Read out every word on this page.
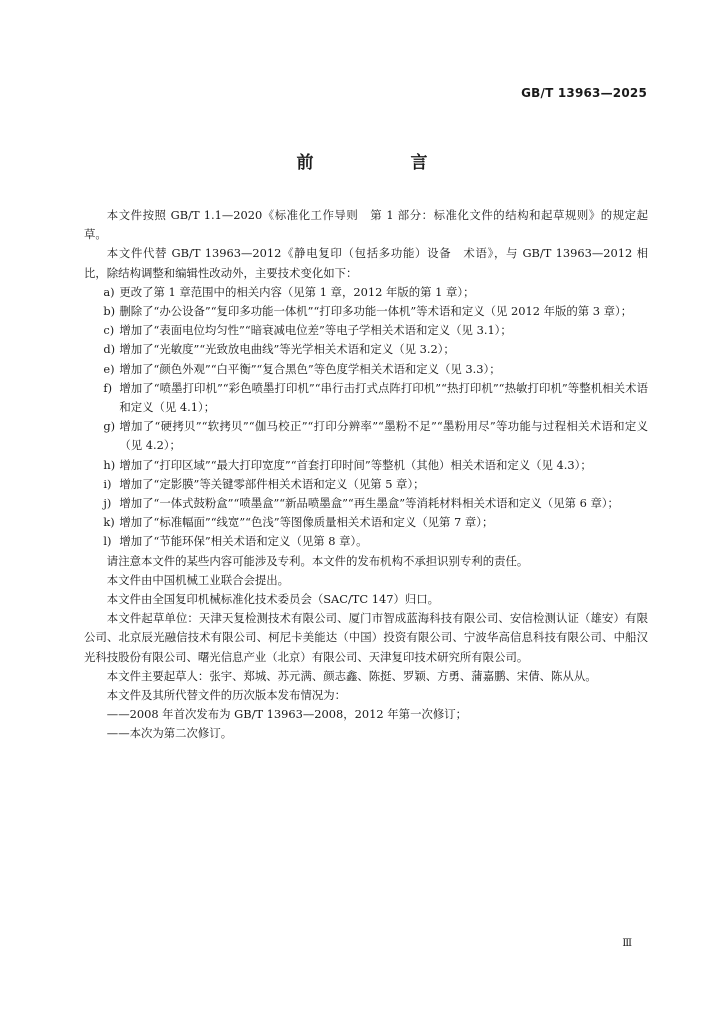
GB/T 13963—2025
前　言

本文件按照 GB/T 1.1—2020《标准化工作导则　第 1 部分：标准化文件的结构和起草规则》的规定起草。

本文件代替 GB/T 13963—2012《静电复印（包括多功能）设备　术语》，与 GB/T 13963—2012 相比，除结构调整和编辑性改动外，主要技术变化如下：

a) 更改了第 1 章范围中的相关内容（见第 1 章，2012 年版的第 1 章）；
b) 删除了“办公设备”“复印多功能一体机”“打印多功能一体机”等术语和定义（见 2012 年版的第 3 章）；
c) 增加了“表面电位均匀性”“暗衰减电位差”等电子学相关术语和定义（见 3.1）；
d) 增加了“光敏度”“光致放电曲线”等光学相关术语和定义（见 3.2）；
e) 增加了“颜色外观”“白平衡”“复合黑色”等色度学相关术语和定义（见 3.3）；
f) 增加了“喷墨打印机”“彩色喷墨打印机”“串行击打式点阵打印机”“热打印机”“热敏打印机”等整机相关术语和定义（见 4.1）；
g) 增加了“硬拷贝”“软拷贝”“伽马校正”“打印分辨率”“墨粉不足”“墨粉用尽”等功能与过程相关术语和定义（见 4.2）；
h) 增加了“打印区域”“最大打印宽度”“首套打印时间”等整机（其他）相关术语和定义（见 4.3）；
i) 增加了“定影膜”等关键零部件相关术语和定义（见第 5 章）；
j) 增加了“一体式鼓粉盒”“喷墨盒”“新品喷墨盒”“再生墨盒”等消耗材料相关术语和定义（见第 6 章）；
k) 增加了“标准幅面”“线宽”“色浅”等图像质量相关术语和定义（见第 7 章）；
l) 增加了“节能环保”相关术语和定义（见第 8 章）。

请注意本文件的某些内容可能涉及专利。本文件的发布机构不承担识别专利的责任。

本文件由中国机械工业联合会提出。

本文件由全国复印机械标准化技术委员会（SAC/TC 147）归口。

本文件起草单位：天津天复检测技术有限公司、厦门市智成蓝海科技有限公司、安信检测认证（雄安）有限公司、北京辰光融信技术有限公司、柯尼卡美能达（中国）投资有限公司、宁波华高信息科技有限公司、中船汉光科技股份有限公司、曙光信息产业（北京）有限公司、天津复印技术研究所有限公司。

本文件主要起草人：张宇、郑城、苏元满、颜志鑫、陈挺、罗颖、方勇、蒲嘉鹏、宋倩、陈从从。

本文件及其所代替文件的历次版本发布情况为：

——2008 年首次发布为 GB/T 13963—2008，2012 年第一次修订；

——本次为第二次修订。

Ⅲ
